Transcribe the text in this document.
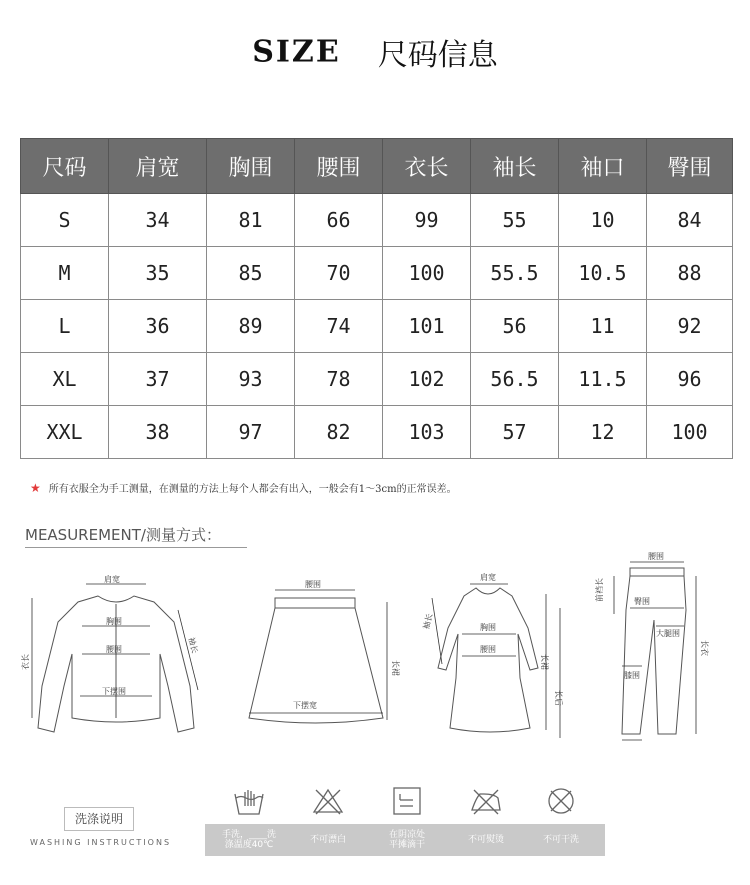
SIZE 尺码信息
尺码	肩宽	胸围	腰围	衣长	袖长	袖口	臀围
S	34	81	66	99	55	10	84
M	35	85	70	100	55.5	10.5	88
L	36	89	74	101	56	11	92
XL	37	93	78	102	56.5	11.5	96
XXL	38	97	82	103	57	12	100
★ 所有衣服全为手工测量，在测量的方法上每个人都会有出入，一般会有1～3cm的正常误差。
MEASUREMENT/测量方式：
肩宽
胸围
腰围
下摆围
衣长
袖长
腰围
下摆宽
长裙
肩宽
胸围
腰围
袖长
长裙
长后
腰围
前裆长	臀围
大腿围
膝围
长衣
洗涤说明
WASHING INSTRUCTIONS
手洗，____洗
涤温度40℃	不可漂白	在阴凉处
平摊滴干	不可熨烫	不可干洗
